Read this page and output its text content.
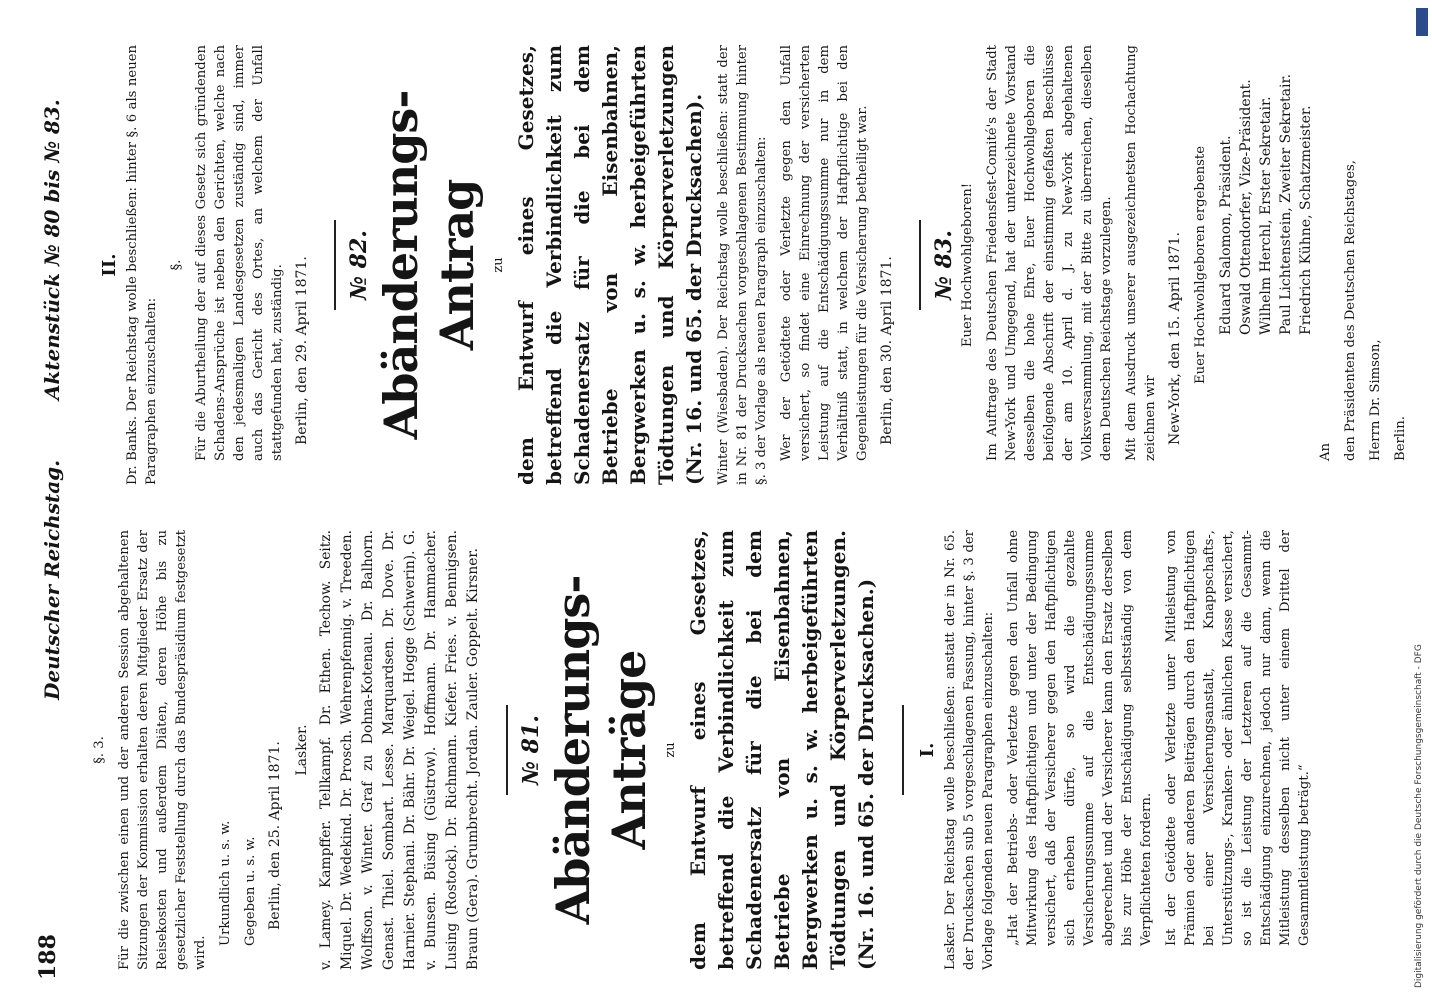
188
Deutscher Reichstag.
Aktenstück № 80 bis № 83.

§. 3. Für die zwischen einen und der anderen Session abgehaltenen Sitzungen der Kommission erhalten deren Mitglieder Ersatz der Reisekosten und außerdem Diäten, deren Höhe bis zu gesetzlicher Feststellung durch das Bundespräsidium festgesetzt wird.

Urkundlich u. s. w. Gegeben u. s. w. Berlin, den 25. April 1871. Lasker. v. Lamey. Kampffer. Tellkampf. Dr. Ethen. Techow. Seitz. Miquel. Dr. Wedekind. Dr. Prosch. Wehrenpfennig. v. Treeden. Wolffson. v. Winter. Graf zu Dohna-Kotenau. Dr. Balhorn. Genast. Thiel. Sombart. Lesse. Marquardsen. Dr. Dove. Dr. Harnier. Stephani. Dr. Bähr. Dr. Weigel. Hogge (Schwerin). G. v. Bunsen. Büsing (Güstrow). Hoffmann. Dr. Hammacher. Lusing (Rostock). Dr. Richmann. Kiefer. Fries. v. Bennigsen. Braun (Gera). Grumbrecht. Jordan. Zauler. Goppelt. Kirsner. № 81. Abänderungs-Anträge zu dem Entwurf eines Gesetzes, betreffend die Verbindlichkeit zum Schadenersatz für die bei dem Betriebe von Eisenbahnen, Bergwerken u. s. w. herbeigeführten Tödtungen und Körperverletzungen. (Nr. 16. und 65. der Drucksachen.) I. Lasker. Der Reichstag wolle beschließen: anstatt der in Nr. 65. der Drucksachen sub 5 vorgeschlagenen Fassung, hinter §. 3 der Vorlage folgenden neuen Paragraphen einzuschalten: „Hat der Betriebs- oder Verletzte gegen den Unfall ohne Mitwirkung des Haftpflichtigen und unter der Bedingung versichert, daß der Versicherer gegen den Haftpflichtigen sich erheben dürfe, so wird die gezahlte Versicherungssumme auf die Entschädigungssumme abgerechnet und der Versicherer kann den Ersatz derselben bis zur Höhe der Entschädigung selbstständig von dem Verpflichteten fordern. Ist der Getödtete oder Verletzte unter Mitleistung von Prämien oder anderen Beiträgen durch den Haftpflichtigen bei einer Versicherungsanstalt, Knappschafts-, Unterstützungs-, Kranken- oder ähnlichen Kasse versichert, so ist die Leistung der Letzteren auf die Gesammt-Entschädigung einzurechnen, jedoch nur dann, wenn die Mitleistung desselben nicht unter einem Drittel der Gesammtleistung beträgt.“

II. Dr. Banks. Der Reichstag wolle beschließen: hinter §. 6 als neuen Paragraphen einzuschalten:

§. Für die Aburtheilung der auf dieses Gesetz sich gründenden Schadens-Ansprüche ist neben den Gerichten, welche nach den jedesmaligen Landesgesetzen zuständig sind, immer auch das Gericht des Ortes, an welchem der Unfall stattgefunden hat, zuständig. Berlin, den 29. April 1871. № 82. Abänderungs-Antrag zu dem Entwurf eines Gesetzes, betreffend die Verbindlichkeit zum Schadenersatz für die bei dem Betriebe von Eisenbahnen, Bergwerken u. s. w. herbeigeführten Tödtungen und Körperverletzungen (Nr. 16. und 65. der Drucksachen). Winter (Wiesbaden). Der Reichstag wolle beschließen: statt der in Nr. 81 der Drucksachen vorgeschlagenen Bestimmung hinter §. 3 der Vorlage als neuen Paragraph einzuschalten: Wer der Getödtete oder Verletzte gegen den Unfall versichert, so findet eine Einrechnung der versicherten Leistung auf die Entschädigungssumme nur in dem Verhältniß statt, in welchem der Haftpflichtige bei den Gegenleistungen für die Versicherung betheiligt war. Berlin, den 30. April 1871. № 83. Euer Hochwohlgeboren! Im Auftrage des Deutschen Friedensfest-Comité's der Stadt New-York und Umgegend, hat der unterzeichnete Vorstand desselben die hohe Ehre, Euer Hochwohlgeboren die beifolgende Abschrift der einstimmig gefaßten Beschlüsse der am 10. April d. J. zu New-York abgehaltenen Volksversammlung, mit der Bitte zu überreichen, dieselben dem Deutschen Reichstage vorzulegen. Mit dem Ausdruck unserer ausgezeichnetsten Hochachtung zeichnen wir New-York, den 15. April 1871. Euer Hochwohlgeboren ergebenste Eduard Salomon, Präsident. Oswald Ottendorfer, Vize-Präsident. Wilhelm Herchl, Erster Sekretair. Paul Lichtenstein, Zweiter Sekretair. Friedrich Kühne, Schatzmeister.

An den Präsidenten des Deutschen Reichstages, Herrn Dr. Simson, Berlin.

Digitalisierung gefördert durch die Deutsche Forschungsgemeinschaft - DFG
